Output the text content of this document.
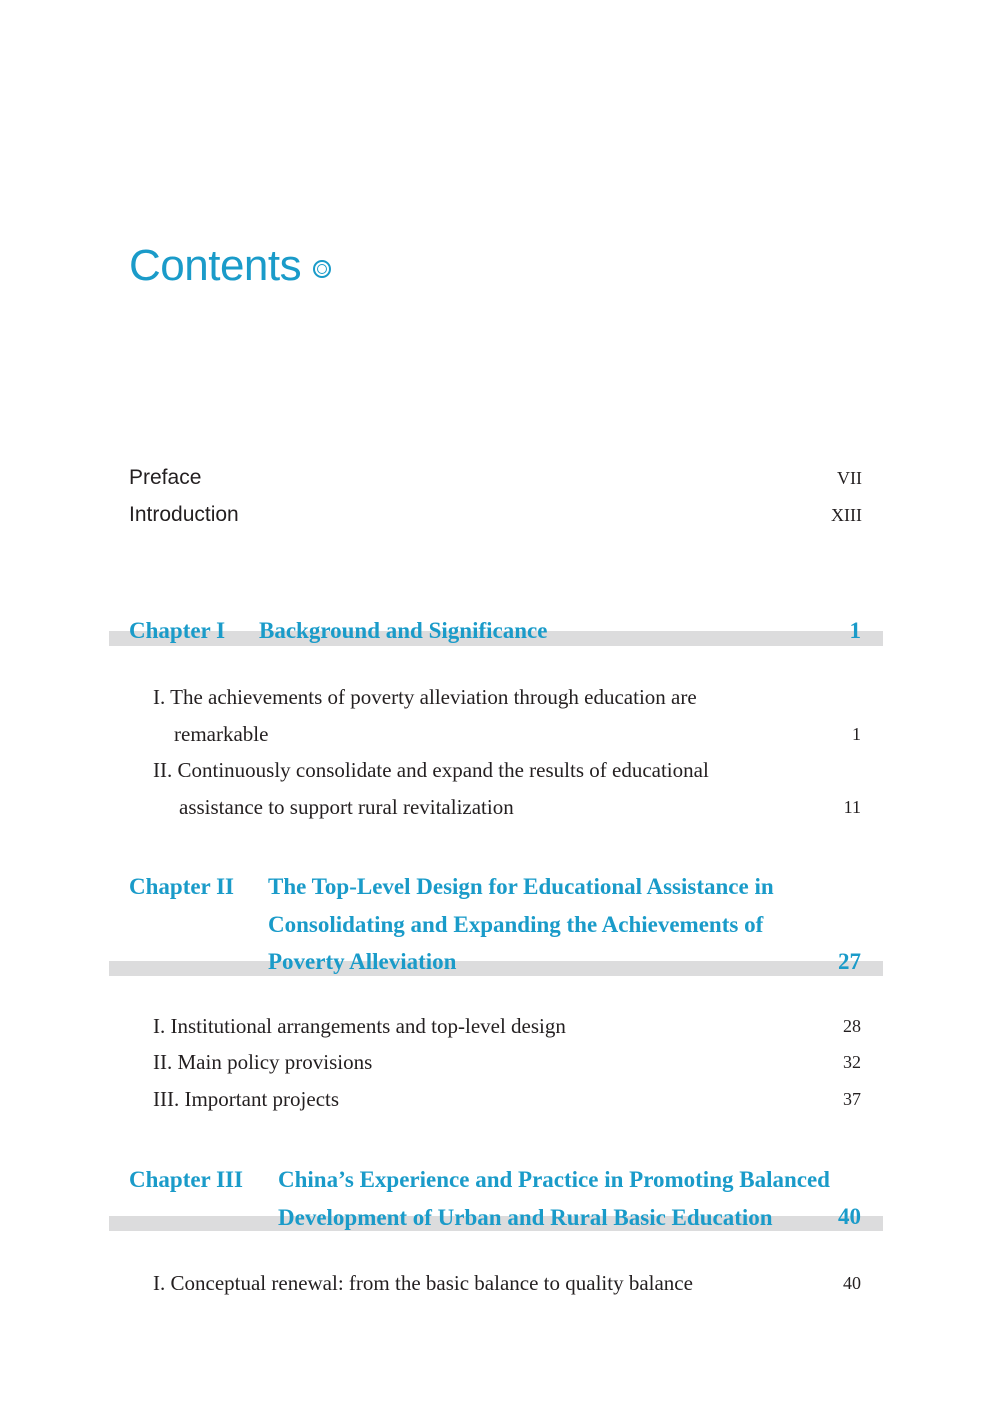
Contents
Preface	VII
Introduction	XIII
Chapter I Background and Significance	1
I. The achievements of poverty alleviation through education are
remarkable	1
II. Continuously consolidate and expand the results of educational
assistance to support rural revitalization	11
Chapter II The Top-Level Design for Educational Assistance in
Consolidating and Expanding the Achievements of
Poverty Alleviation	27
I. Institutional arrangements and top-level design	28
II. Main policy provisions	32
III. Important projects	37
Chapter III China’s Experience and Practice in Promoting Balanced
Development of Urban and Rural Basic Education	40
I. Conceptual renewal: from the basic balance to quality balance	40
